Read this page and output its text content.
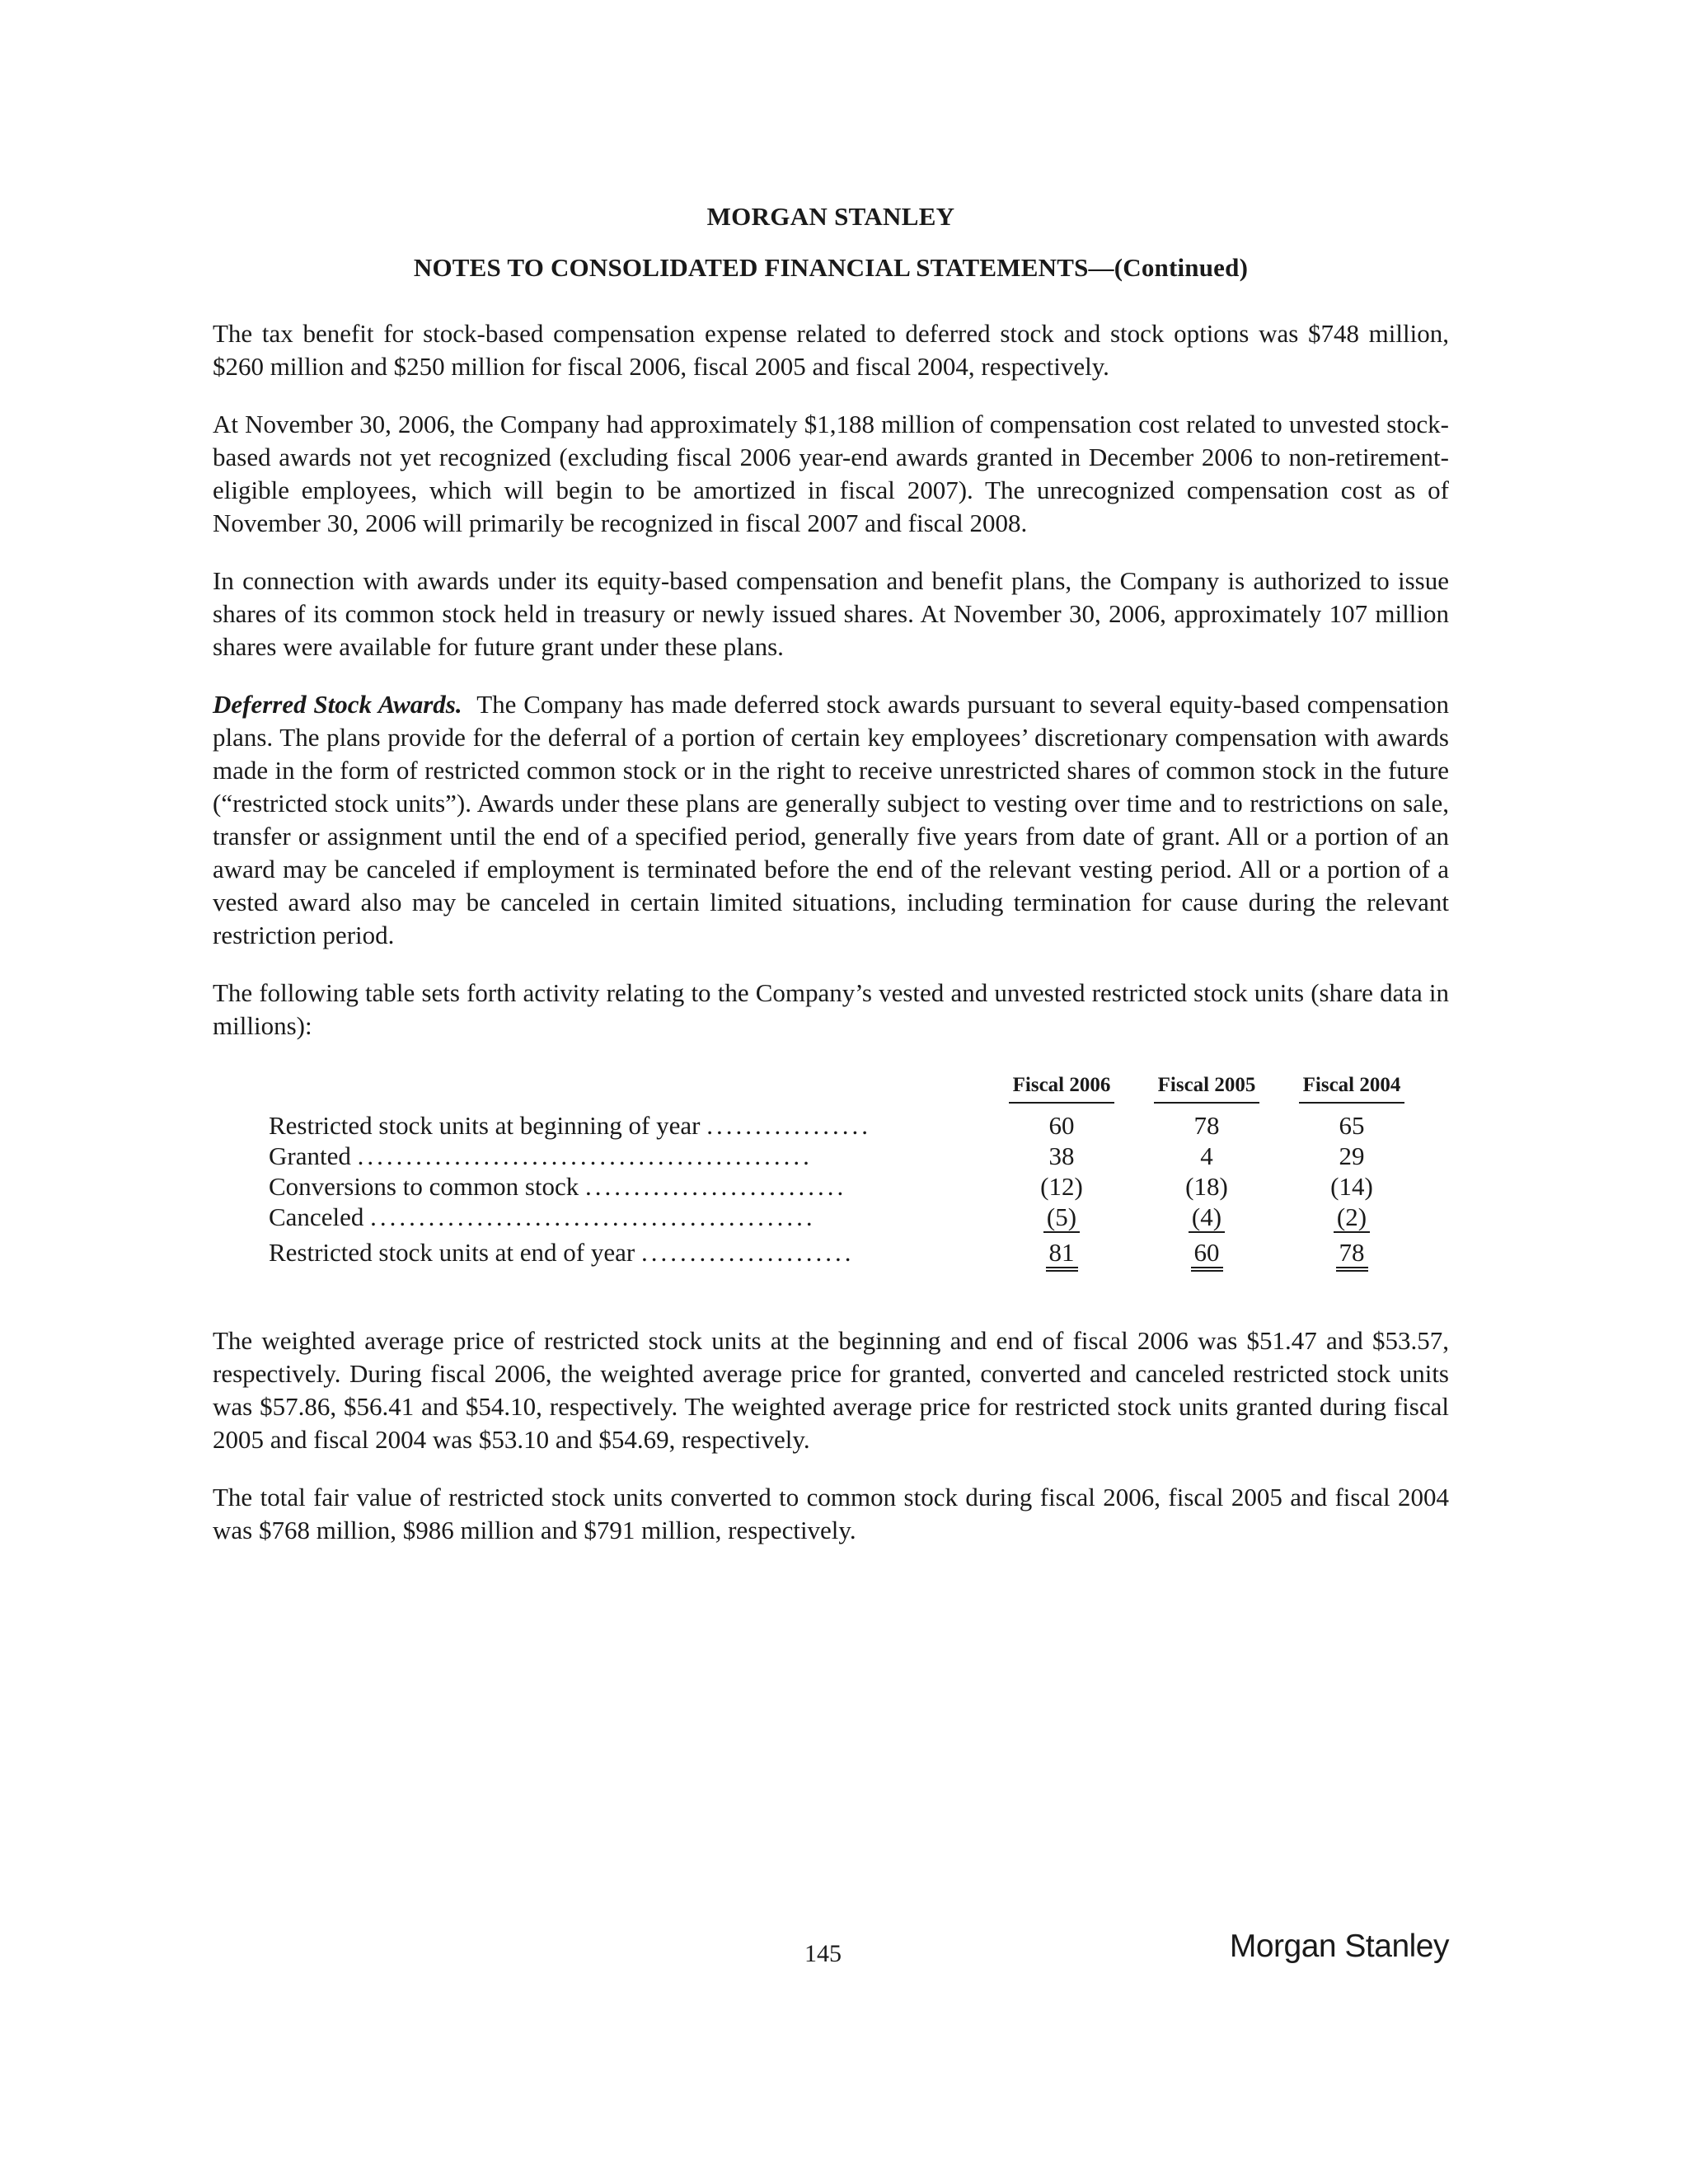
MORGAN STANLEY
NOTES TO CONSOLIDATED FINANCIAL STATEMENTS—(Continued)

The tax benefit for stock-based compensation expense related to deferred stock and stock options was $748 million, $260 million and $250 million for fiscal 2006, fiscal 2005 and fiscal 2004, respectively.

At November 30, 2006, the Company had approximately $1,188 million of compensation cost related to unvested stock-based awards not yet recognized (excluding fiscal 2006 year-end awards granted in December 2006 to non-retirement-eligible employees, which will begin to be amortized in fiscal 2007). The unrecognized compensation cost as of November 30, 2006 will primarily be recognized in fiscal 2007 and fiscal 2008.

In connection with awards under its equity-based compensation and benefit plans, the Company is authorized to issue shares of its common stock held in treasury or newly issued shares. At November 30, 2006, approximately 107 million shares were available for future grant under these plans.

Deferred Stock Awards. The Company has made deferred stock awards pursuant to several equity-based compensation plans. The plans provide for the deferral of a portion of certain key employees’ discretionary compensation with awards made in the form of restricted common stock or in the right to receive unrestricted shares of common stock in the future (“restricted stock units”). Awards under these plans are generally subject to vesting over time and to restrictions on sale, transfer or assignment until the end of a specified period, generally five years from date of grant. All or a portion of an award may be canceled if employment is terminated before the end of the relevant vesting period. All or a portion of a vested award also may be canceled in certain limited situations, including termination for cause during the relevant restriction period.

The following table sets forth activity relating to the Company’s vested and unvested restricted stock units (share data in millions):

Fiscal 2006 Fiscal 2005 Fiscal 2004
Restricted stock units at beginning of year .................	60	78	65
Granted ...............................................	38	4	29
Conversions to common stock ...........................	(12)	(18)	(14)
Canceled ..............................................	(5)	(4)	(2)
Restricted stock units at end of year ......................	81	60	78

The weighted average price of restricted stock units at the beginning and end of fiscal 2006 was $51.47 and $53.57, respectively. During fiscal 2006, the weighted average price for granted, converted and canceled restricted stock units was $57.86, $56.41 and $54.10, respectively. The weighted average price for restricted stock units granted during fiscal 2005 and fiscal 2004 was $53.10 and $54.69, respectively.

The total fair value of restricted stock units converted to common stock during fiscal 2006, fiscal 2005 and fiscal 2004 was $768 million, $986 million and $791 million, respectively.

145	Morgan Stanley
